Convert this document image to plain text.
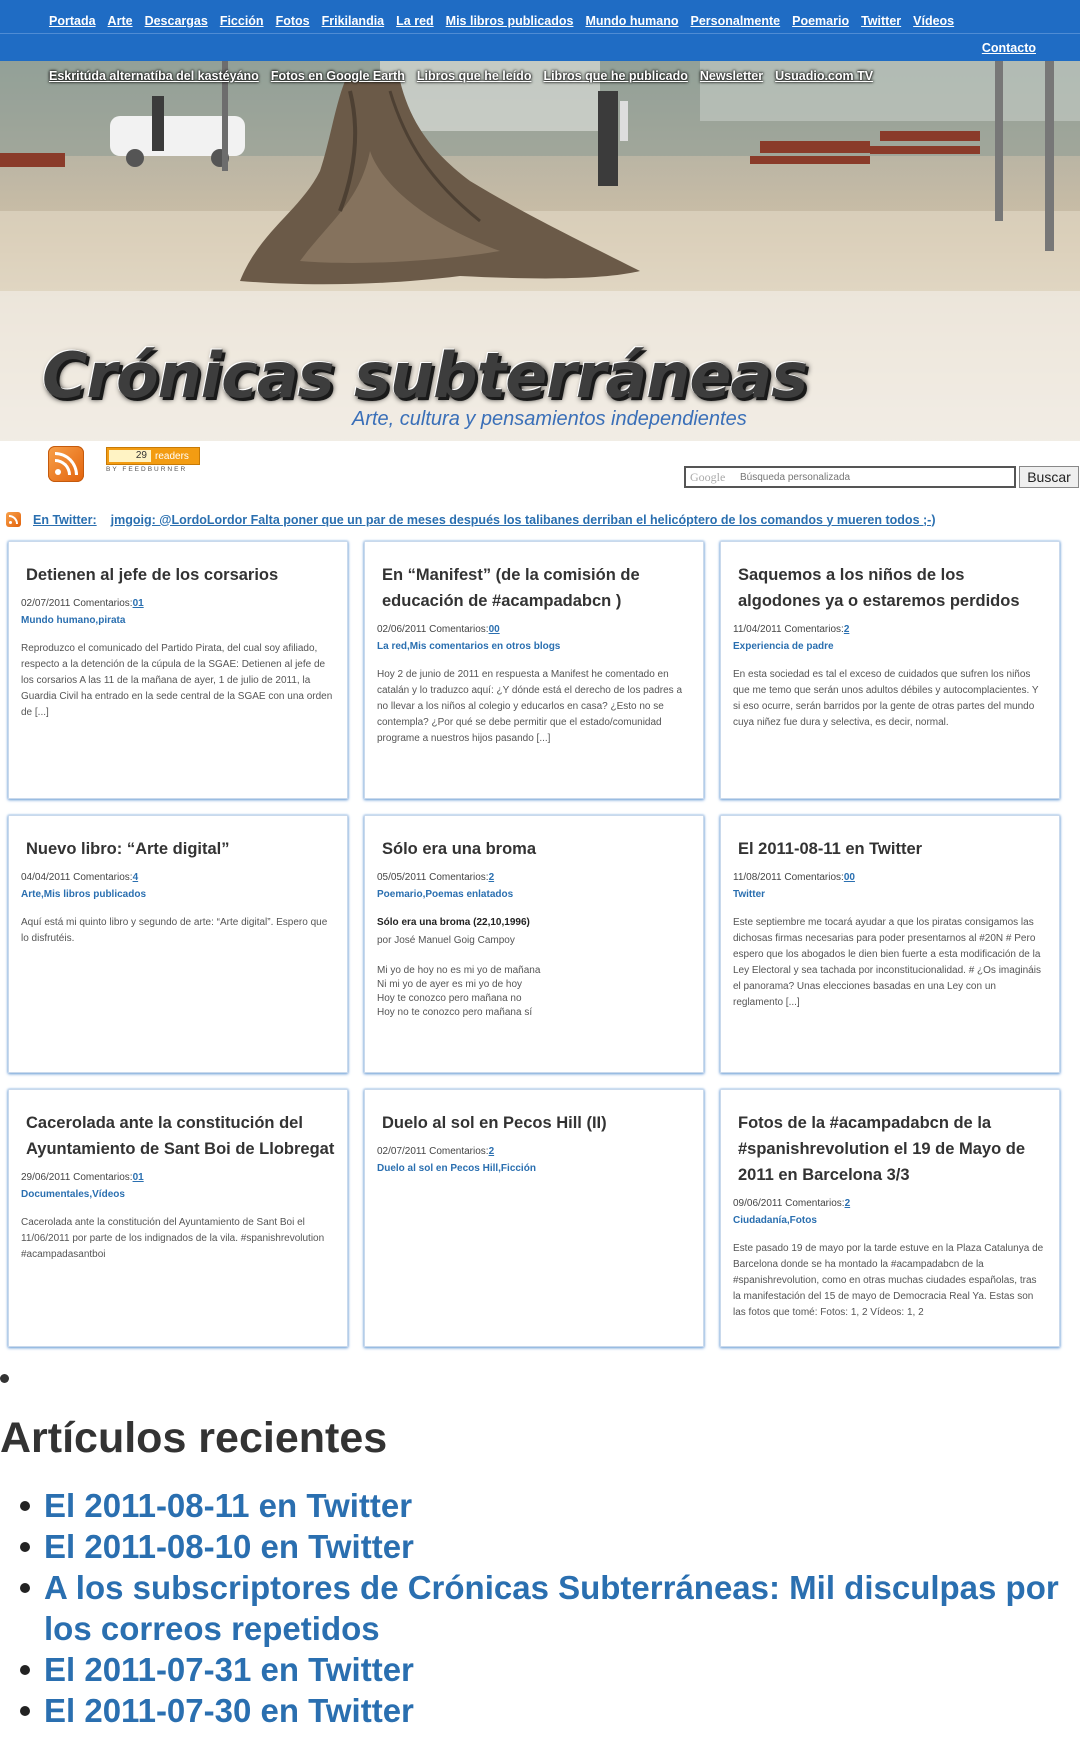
Portada Arte Descargas Ficción Fotos Frikilandia La red Mis libros publicados Mundo humano Personalmente Poemario Twitter Vídeos
Contacto
Eskritúda alternatíba del kastéyáno Fotos en Google Earth Libros que he leído Libros que he publicado Newsletter Usuadio.com TV
Crónicas subterráneas
Arte, cultura y pensamientos independientes
29 readers
BY FEEDBURNER
Google
Búsqueda personalizada	Buscar
En Twitter: jmgoig: @LordoLordor Falta poner que un par de meses después los talibanes derriban el helicóptero de los comandos y mueren todos ;-)
Detienen al jefe de los corsarios
02/07/2011 Comentarios:01
Mundo humano,pirata

Reproduzco el comunicado del Partido Pirata, del cual soy afiliado, respecto a la detención de la cúpula de la SGAE: Detienen al jefe de los corsarios A las 11 de la mañana de ayer, 1 de julio de 2011, la Guardia Civil ha entrado en la sede central de la SGAE con una orden de [...]

En “Manifest” (de la comisión de educación de #acampadabcn )
02/06/2011 Comentarios:00
La red,Mis comentarios en otros blogs

Hoy 2 de junio de 2011 en respuesta a Manifest he comentado en catalán y lo traduzco aquí: ¿Y dónde está el derecho de los padres a no llevar a los niños al colegio y educarlos en casa? ¿Esto no se contempla? ¿Por qué se debe permitir que el estado/comunidad programe a nuestros hijos pasando [...]

Saquemos a los niños de los algodones ya o estaremos perdidos
11/04/2011 Comentarios:2
Experiencia de padre

En esta sociedad es tal el exceso de cuidados que sufren los niños que me temo que serán unos adultos débiles y autocomplacientes. Y si eso ocurre, serán barridos por la gente de otras partes del mundo cuya niñez fue dura y selectiva, es decir, normal.

Nuevo libro: “Arte digital”
04/04/2011 Comentarios:4
Arte,Mis libros publicados

Aquí está mi quinto libro y segundo de arte: “Arte digital”. Espero que lo disfrutéis.

Sólo era una broma
05/05/2011 Comentarios:2
Poemario,Poemas enlatados

Sólo era una broma (22,10,1996)

por José Manuel Goig Campoy

Mi yo de hoy no es mi yo de mañana

Ni mi yo de ayer es mi yo de hoy

Hoy te conozco pero mañana no

Hoy no te conozco pero mañana sí

El 2011-08-11 en Twitter
11/08/2011 Comentarios:00
Twitter

Este septiembre me tocará ayudar a que los piratas consigamos las dichosas firmas necesarias para poder presentarnos al #20N # Pero espero que los abogados le dien bien fuerte a esta modificación de la Ley Electoral y sea tachada por inconstitucionalidad. # ¿Os imagináis el panorama? Unas elecciones basadas en una Ley con un reglamento [...]

Cacerolada ante la constitución del Ayuntamiento de Sant Boi de Llobregat
29/06/2011 Comentarios:01
Documentales,Vídeos

Cacerolada ante la constitución del Ayuntamiento de Sant Boi el 11/06/2011 por parte de los indignados de la vila. #spanishrevolution #acampadasantboi

Duelo al sol en Pecos Hill (II)
02/07/2011 Comentarios:2
Duelo al sol en Pecos Hill,Ficción
Fotos de la #acampadabcn de la #spanishrevolution el 19 de Mayo de 2011 en Barcelona 3/3
09/06/2011 Comentarios:2
Ciudadanía,Fotos

Este pasado 19 de mayo por la tarde estuve en la Plaza Catalunya de Barcelona donde se ha montado la #acampadabcn de la #spanishrevolution, como en otras muchas ciudades españolas, tras la manifestación del 15 de mayo de Democracia Real Ya. Estas son las fotos que tomé: Fotos: 1, 2 Vídeos: 1, 2

Artículos recientes
El 2011-08-11 en Twitter
El 2011-08-10 en Twitter
A los subscriptores de Crónicas Subterráneas: Mil disculpas por los correos repetidos
El 2011-07-31 en Twitter
El 2011-07-30 en Twitter
